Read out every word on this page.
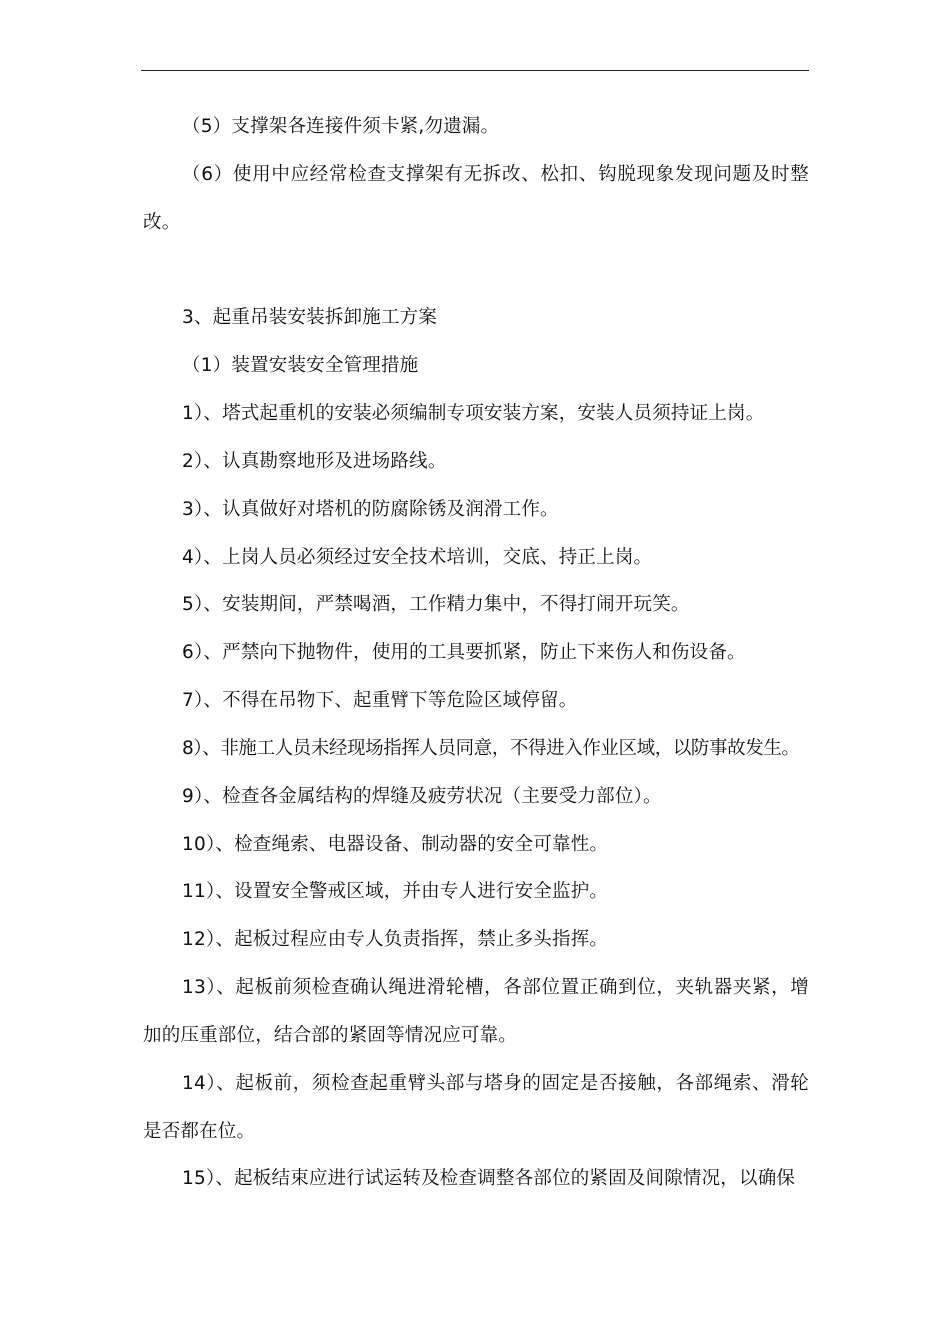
（5）支撑架各连接件须卡紧,勿遗漏。
（6）使用中应经常检查支撑架有无拆改、松扣、钩脱现象发现问题及时整改。
3、起重吊装安装拆卸施工方案
（1）装置安装安全管理措施
1）、塔式起重机的安装必须编制专项安装方案，安装人员须持证上岗。
2）、认真勘察地形及进场路线。
3）、认真做好对塔机的防腐除锈及润滑工作。
4）、上岗人员必须经过安全技术培训，交底、持正上岗。
5）、安装期间，严禁喝酒，工作精力集中，不得打闹开玩笑。
6）、严禁向下抛物件，使用的工具要抓紧，防止下来伤人和伤设备。
7）、不得在吊物下、起重臂下等危险区域停留。
8）、非施工人员未经现场指挥人员同意，不得进入作业区域，以防事故发生。
9）、检查各金属结构的焊缝及疲劳状况（主要受力部位）。
10）、检查绳索、电器设备、制动器的安全可靠性。
11）、设置安全警戒区域，并由专人进行安全监护。
12）、起板过程应由专人负责指挥，禁止多头指挥。
13）、起板前须检查确认绳进滑轮槽，各部位置正确到位，夹轨器夹紧，增加的压重部位，结合部的紧固等情况应可靠。
14）、起板前，须检查起重臂头部与塔身的固定是否接触，各部绳索、滑轮是否都在位。
15）、起板结束应进行试运转及检查调整各部位的紧固及间隙情况，以确保
